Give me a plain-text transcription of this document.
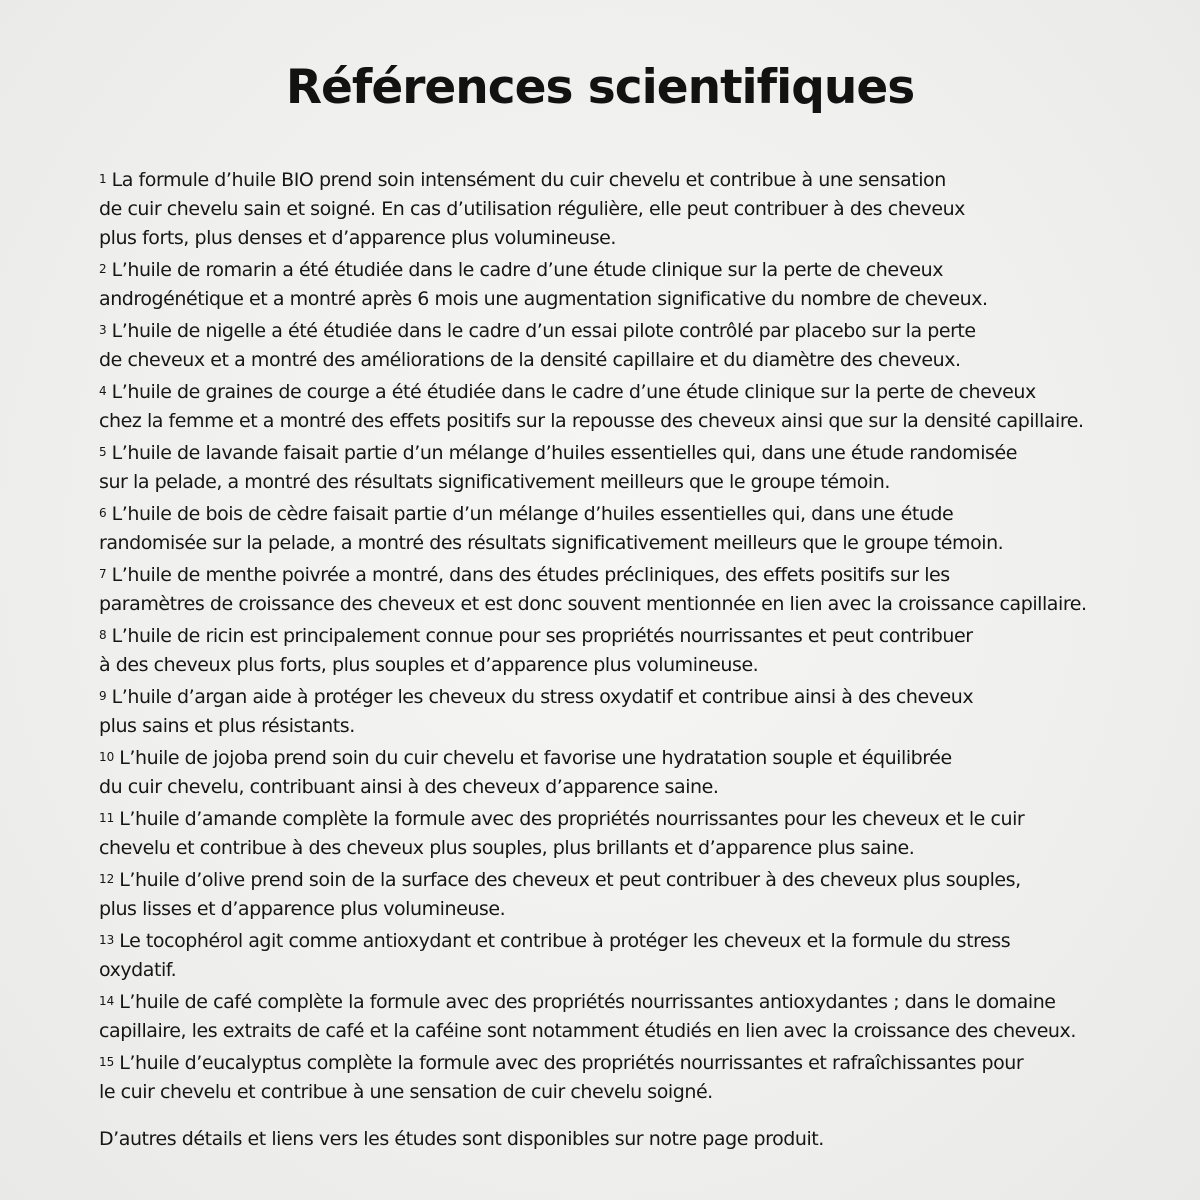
Références scientifiques
$^1$ La formule d’huile BIO prend soin intensément du cuir chevelu et contribue à une sensation

de cuir chevelu sain et soigné. En cas d’utilisation régulière, elle peut contribuer à des cheveux
plus forts, plus denses et d’apparence plus volumineuse.
$^2$ L’huile de romarin a été étudiée dans le cadre d’une étude clinique sur la perte de cheveux

androgénétique et a montré après 6 mois une augmentation significative du nombre de cheveux.
$^3$ L’huile de nigelle a été étudiée dans le cadre d’un essai pilote contrôlé par placebo sur la perte

de cheveux et a montré des améliorations de la densité capillaire et du diamètre des cheveux.
$^4$ L’huile de graines de courge a été étudiée dans le cadre d’une étude clinique sur la perte de cheveux

chez la femme et a montré des effets positifs sur la repousse des cheveux ainsi que sur la densité capillaire.
$^5$ L’huile de lavande faisait partie d’un mélange d’huiles essentielles qui, dans une étude randomisée

sur la pelade, a montré des résultats significativement meilleurs que le groupe témoin.
$^6$ L’huile de bois de cèdre faisait partie d’un mélange d’huiles essentielles qui, dans une étude

randomisée sur la pelade, a montré des résultats significativement meilleurs que le groupe témoin.
$^7$ L’huile de menthe poivrée a montré, dans des études précliniques, des effets positifs sur les

paramètres de croissance des cheveux et est donc souvent mentionnée en lien avec la croissance capillaire.
$^8$ L’huile de ricin est principalement connue pour ses propriétés nourrissantes et peut contribuer

à des cheveux plus forts, plus souples et d’apparence plus volumineuse.
$^9$ L’huile d’argan aide à protéger les cheveux du stress oxydatif et contribue ainsi à des cheveux

plus sains et plus résistants.
$^{10}$ L’huile de jojoba prend soin du cuir chevelu et favorise une hydratation souple et équilibrée

du cuir chevelu, contribuant ainsi à des cheveux d’apparence saine.
$^{11}$ L’huile d’amande complète la formule avec des propriétés nourrissantes pour les cheveux et le cuir

chevelu et contribue à des cheveux plus souples, plus brillants et d’apparence plus saine.
$^{12}$ L’huile d’olive prend soin de la surface des cheveux et peut contribuer à des cheveux plus souples,

plus lisses et d’apparence plus volumineuse.
$^{13}$ Le tocophérol agit comme antioxydant et contribue à protéger les cheveux et la formule du stress

oxydatif.
$^{14}$ L’huile de café complète la formule avec des propriétés nourrissantes antioxydantes ; dans le domaine

capillaire, les extraits de café et la caféine sont notamment étudiés en lien avec la croissance des cheveux.
$^{15}$ L’huile d’eucalyptus complète la formule avec des propriétés nourrissantes et rafraîchissantes pour

le cuir chevelu et contribue à une sensation de cuir chevelu soigné.

D’autres détails et liens vers les études sont disponibles sur notre page produit.
